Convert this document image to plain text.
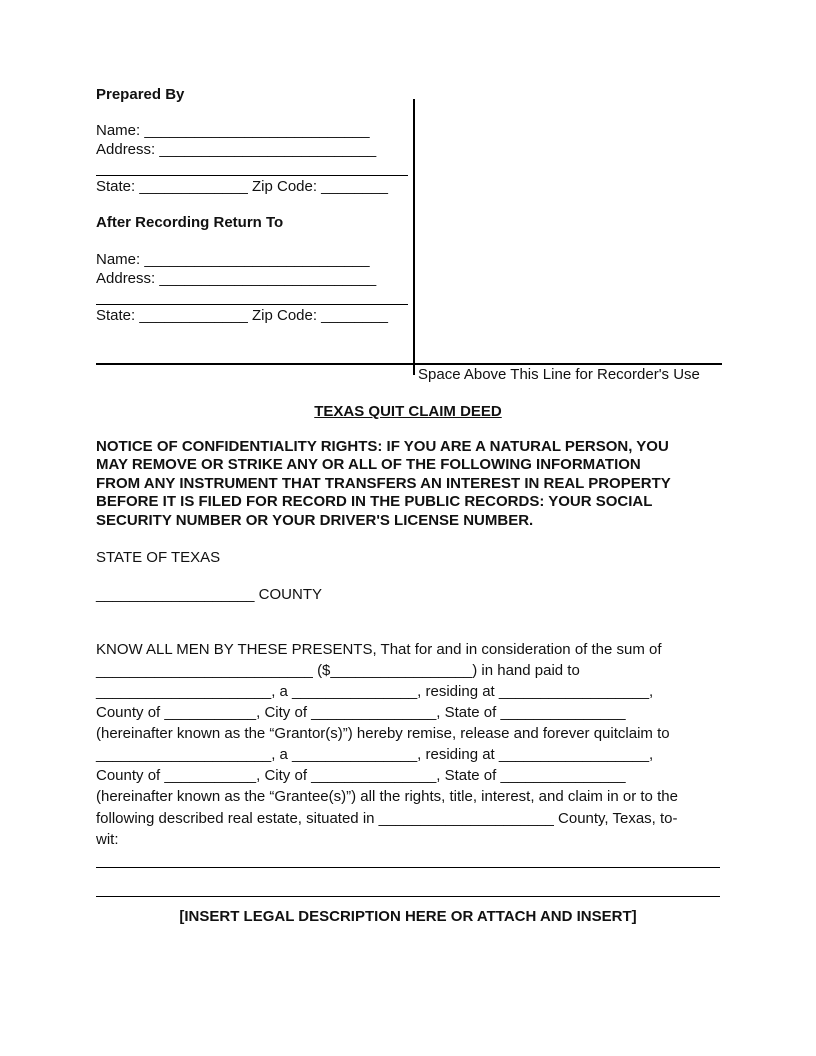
Prepared By
Name: ___________________________
Address: __________________________
State: _____________ Zip Code: ________
After Recording Return To
Name: ___________________________
Address: __________________________
State: _____________ Zip Code: ________
Space Above This Line for Recorder's Use
TEXAS QUIT CLAIM DEED
NOTICE OF CONFIDENTIALITY RIGHTS: IF YOU ARE A NATURAL PERSON, YOU
MAY REMOVE OR STRIKE ANY OR ALL OF THE FOLLOWING INFORMATION
FROM ANY INSTRUMENT THAT TRANSFERS AN INTEREST IN REAL PROPERTY
BEFORE IT IS FILED FOR RECORD IN THE PUBLIC RECORDS: YOUR SOCIAL
SECURITY NUMBER OR YOUR DRIVER'S LICENSE NUMBER.
STATE OF TEXAS
___________________ COUNTY
KNOW ALL MEN BY THESE PRESENTS, That for and in consideration of the sum of
__________________________ ($_________________) in hand paid to
_____________________, a _______________, residing at __________________,
County of ___________, City of _______________, State of _______________
(hereinafter known as the “Grantor(s)”) hereby remise, release and forever quitclaim to
_____________________, a _______________, residing at __________________,
County of ___________, City of _______________, State of _______________
(hereinafter known as the “Grantee(s)”) all the rights, title, interest, and claim in or to the
following described real estate, situated in _____________________ County, Texas, to-
wit:
[INSERT LEGAL DESCRIPTION HERE OR ATTACH AND INSERT]
